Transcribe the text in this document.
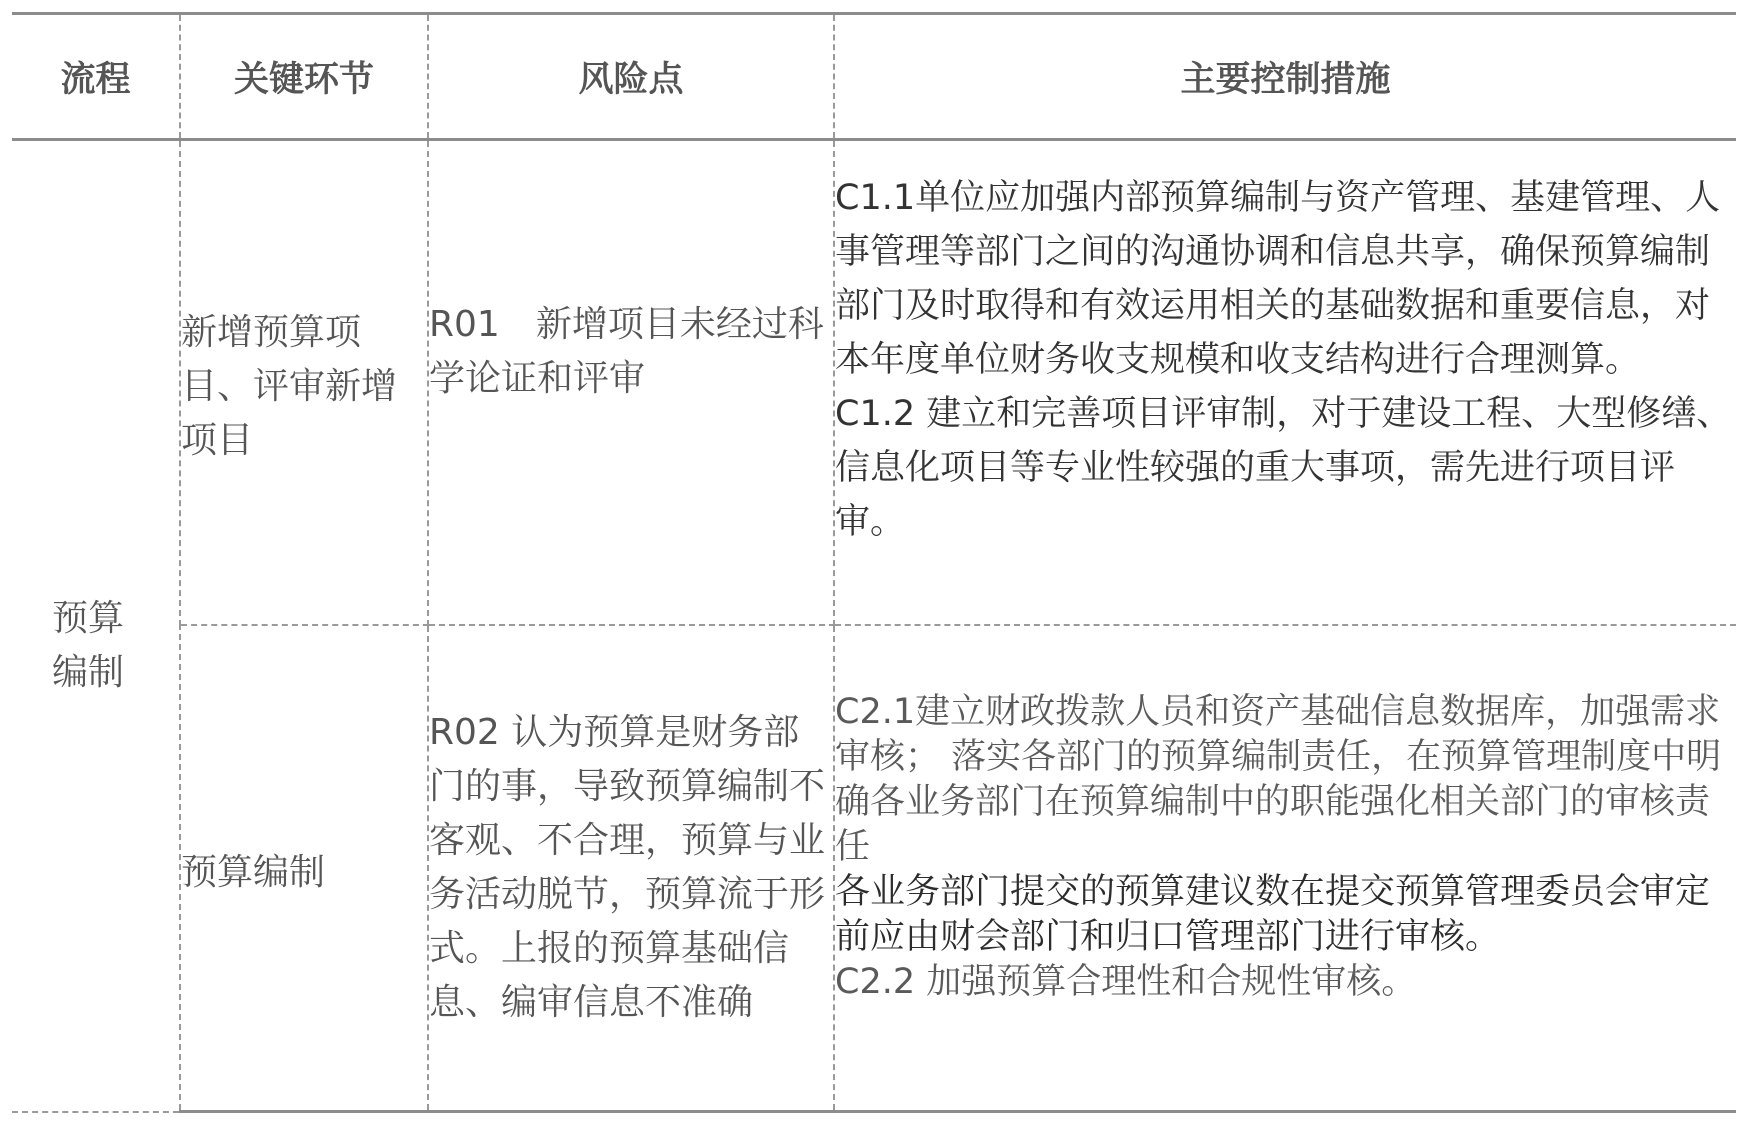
流程	关键环节	风险点	主要控制措施

预算编制	新增预算项目、评审新增项目	R01　新增项目未经过科学论证和评审	C1.1单位应加强内部预算编制与资产管理、基建管理、人事管理等部门之间的沟通协调和信息共享，确保预算编制部门及时取得和有效运用相关的基础数据和重要信息，对本年度单位财务收支规模和收支结构进行合理测算。
C1.2 建立和完善项目评审制，对于建设工程、大型修缮、信息化项目等专业性较强的重大事项，需先进行项目评审。

	预算编制	R02 认为预算是财务部门的事，导致预算编制不客观、不合理，预算与业务活动脱节，预算流于形式。上报的预算基础信息、编审信息不准确	C2.1建立财政拨款人员和资产基础信息数据库，加强需求审核； 落实各部门的预算编制责任，在预算管理制度中明确各业务部门在预算编制中的职能强化相关部门的审核责任
各业务部门提交的预算建议数在提交预算管理委员会审定前应由财会部门和归口管理部门进行审核。
C2.2 加强预算合理性和合规性审核。
